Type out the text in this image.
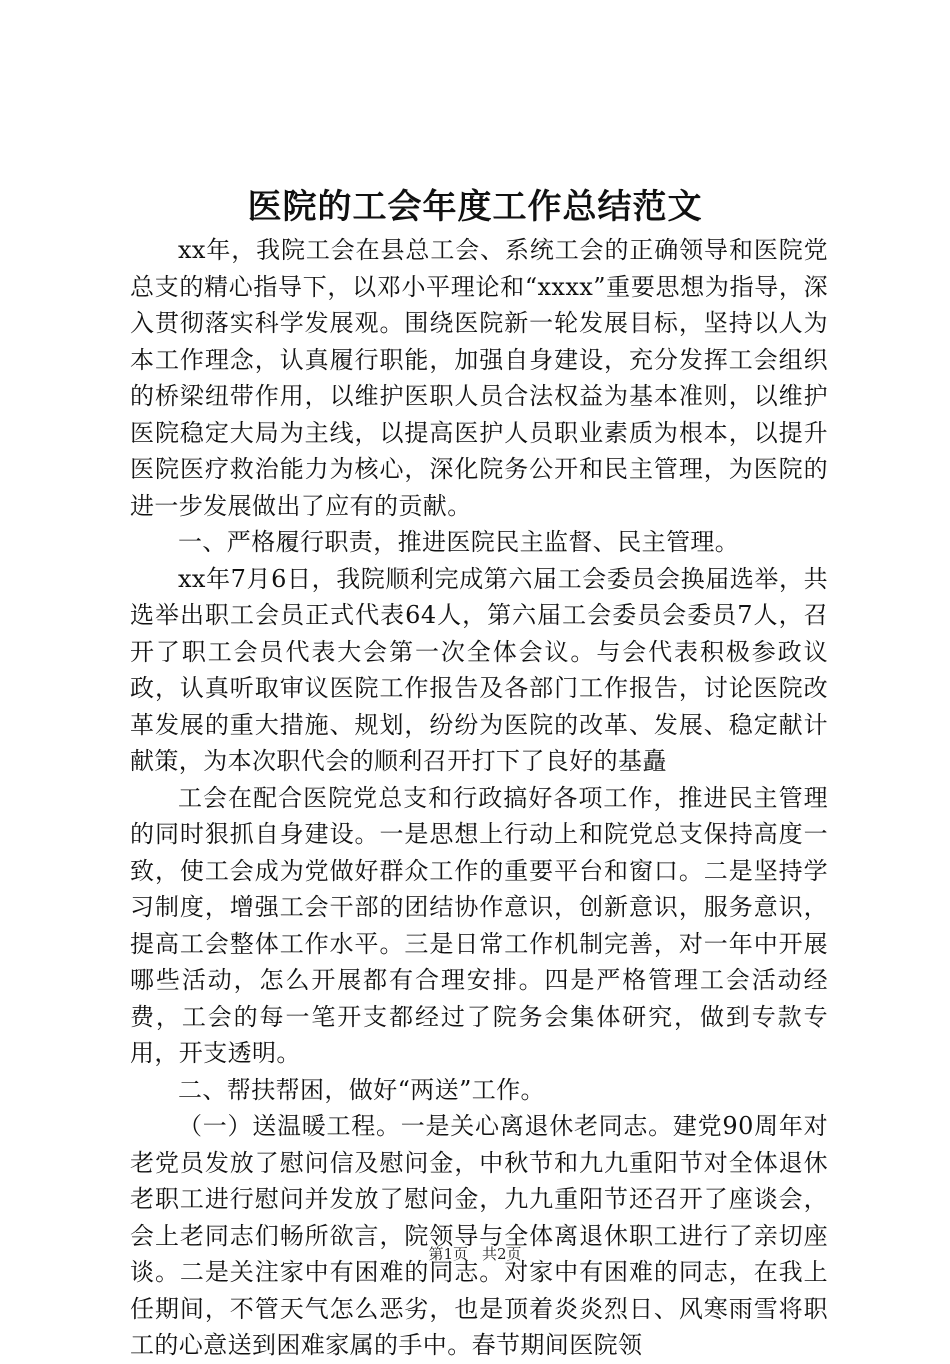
医院的工会年度工作总结范文

xx年，我院工会在县总工会、系统工会的正确领导和医院党总支的精心指导下，以邓小平理论和“xxxx”重要思想为指导，深入贯彻落实科学发展观。围绕医院新一轮发展目标，坚持以人为本工作理念，认真履行职能，加强自身建设，充分发挥工会组织的桥梁纽带作用，以维护医职人员合法权益为基本准则，以维护医院稳定大局为主线，以提高医护人员职业素质为根本，以提升医院医疗救治能力为核心，深化院务公开和民主管理，为医院的进一步发展做出了应有的贡献。

一、严格履行职责，推进医院民主监督、民主管理。

xx年7月6日，我院顺利完成第六届工会委员会换届选举，共选举出职工会员正式代表64人，第六届工会委员会委员7人，召开了职工会员代表大会第一次全体会议。与会代表积极参政议政，认真听取审议医院工作报告及各部门工作报告，讨论医院改革发展的重大措施、规划，纷纷为医院的改革、发展、稳定献计献策，为本次职代会的顺利召开打下了良好的基矗

工会在配合医院党总支和行政搞好各项工作，推进民主管理的同时狠抓自身建设。一是思想上行动上和院党总支保持高度一致，使工会成为党做好群众工作的重要平台和窗口。二是坚持学习制度，增强工会干部的团结协作意识，创新意识，服务意识，提高工会整体工作水平。三是日常工作机制完善，对一年中开展哪些活动，怎么开展都有合理安排。四是严格管理工会活动经费，工会的每一笔开支都经过了院务会集体研究，做到专款专用，开支透明。

二、帮扶帮困，做好“两送”工作。

（一）送温暖工程。一是关心离退休老同志。建党90周年对老党员发放了慰问信及慰问金，中秋节和九九重阳节对全体退休老职工进行慰问并发放了慰问金，九九重阳节还召开了座谈会，会上老同志们畅所欲言，院领导与全体离退休职工进行了亲切座谈。二是关注家中有困难的同志。对家中有困难的同志，在我上任期间，不管天气怎么恶劣，也是顶着炎炎烈日、风寒雨雪将职工的心意送到困难家属的手中。春节期间医院领

第1页 共2页
